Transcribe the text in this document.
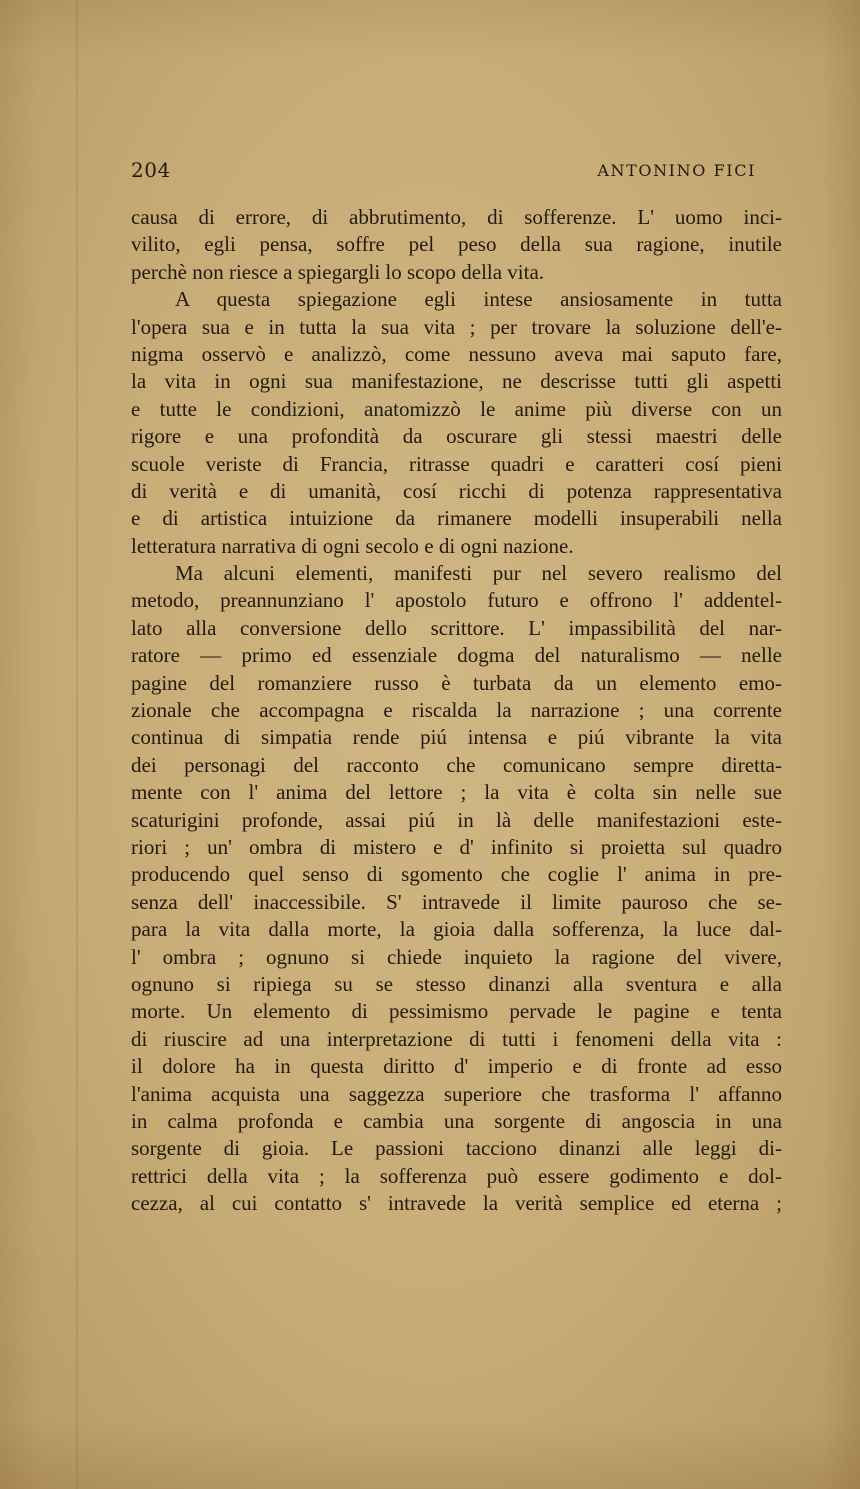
204	ANTONINO FICI
causa di errore, di abbrutimento, di sofferenze. L' uomo inci-
vilito, egli pensa, soffre pel peso della sua ragione, inutile
perchè non riesce a spiegargli lo scopo della vita.
A questa spiegazione egli intese ansiosamente in tutta
l'opera sua e in tutta la sua vita ; per trovare la soluzione dell'e-
nigma osservò e analizzò, come nessuno aveva mai saputo fare,
la vita in ogni sua manifestazione, ne descrisse tutti gli aspetti
e tutte le condizioni, anatomizzò le anime più diverse con un
rigore e una profondità da oscurare gli stessi maestri delle
scuole veriste di Francia, ritrasse quadri e caratteri cosí pieni
di verità e di umanità, cosí ricchi di potenza rappresentativa
e di artistica intuizione da rimanere modelli insuperabili nella
letteratura narrativa di ogni secolo e di ogni nazione.
Ma alcuni elementi, manifesti pur nel severo realismo del
metodo, preannunziano l' apostolo futuro e offrono l' addentel-
lato alla conversione dello scrittore. L' impassibilità del nar-
ratore — primo ed essenziale dogma del naturalismo — nelle
pagine del romanziere russo è turbata da un elemento emo-
zionale che accompagna e riscalda la narrazione ; una corrente
continua di simpatia rende piú intensa e piú vibrante la vita
dei personagi del racconto che comunicano sempre diretta-
mente con l' anima del lettore ; la vita è colta sin nelle sue
scaturigini profonde, assai piú in là delle manifestazioni este-
riori ; un' ombra di mistero e d' infinito si proietta sul quadro
producendo quel senso di sgomento che coglie l' anima in pre-
senza dell' inaccessibile. S' intravede il limite pauroso che se-
para la vita dalla morte, la gioia dalla sofferenza, la luce dal-
l' ombra ; ognuno si chiede inquieto la ragione del vivere,
ognuno si ripiega su se stesso dinanzi alla sventura e alla
morte. Un elemento di pessimismo pervade le pagine e tenta
di riuscire ad una interpretazione di tutti i fenomeni della vita :
il dolore ha in questa diritto d' imperio e di fronte ad esso
l'anima acquista una saggezza superiore che trasforma l' affanno
in calma profonda e cambia una sorgente di angoscia in una
sorgente di gioia. Le passioni tacciono dinanzi alle leggi di-
rettrici della vita ; la sofferenza può essere godimento e dol-
cezza, al cui contatto s' intravede la verità semplice ed eterna ;
